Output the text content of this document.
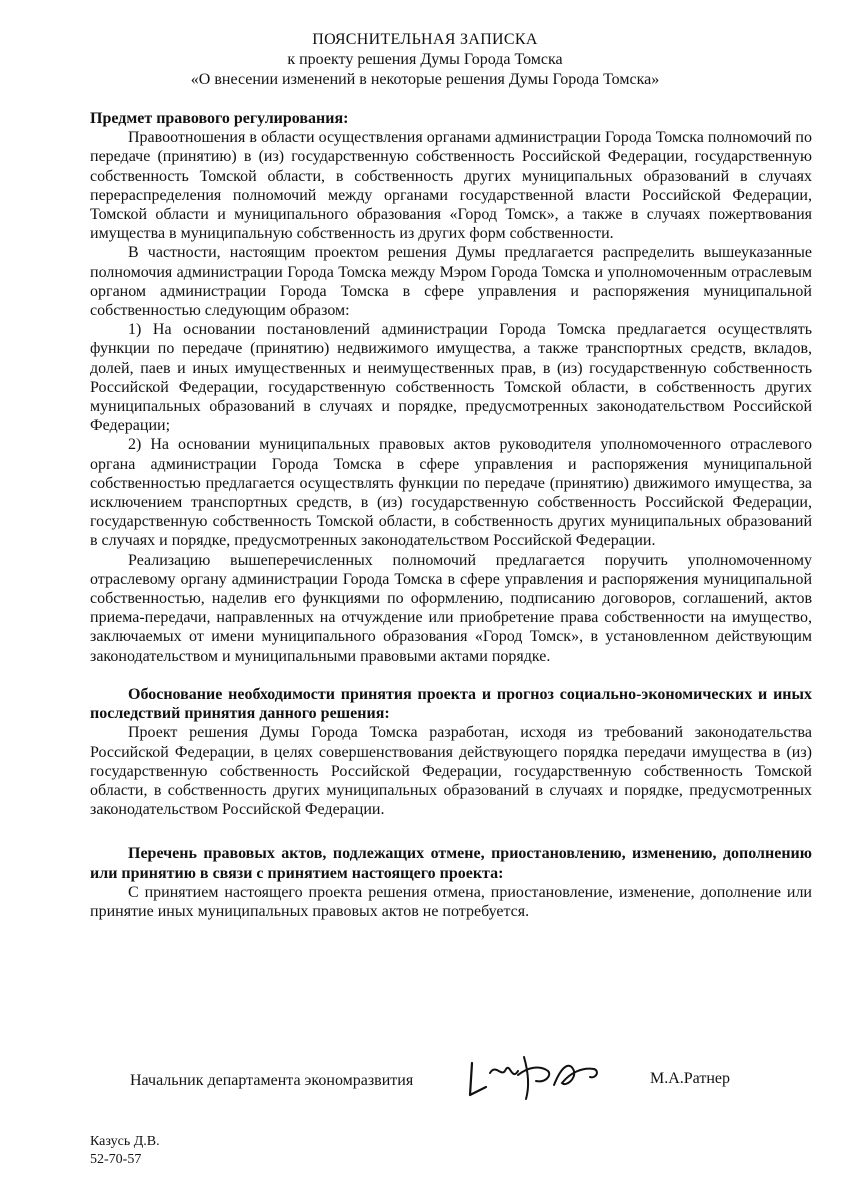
ПОЯСНИТЕЛЬНАЯ ЗАПИСКА
к проекту решения Думы Города Томска
«О внесении изменений в некоторые решения Думы Города Томска»

Предмет правового регулирования:

Правоотношения в области осуществления органами администрации Города Томска полномочий по передаче (принятию) в (из) государственную собственность Российской Федерации, государственную собственность Томской области, в собственность других муниципальных образований в случаях перераспределения полномочий между органами государственной власти Российской Федерации, Томской области и муниципального образования «Город Томск», а также в случаях пожертвования имущества в муниципальную собственность из других форм собственности.

В частности, настоящим проектом решения Думы предлагается распределить вышеуказанные полномочия администрации Города Томска между Мэром Города Томска и уполномоченным отраслевым органом администрации Города Томска в сфере управления и распоряжения муниципальной собственностью следующим образом:

1) На основании постановлений администрации Города Томска предлагается осуществлять функции по передаче (принятию) недвижимого имущества, а также транспортных средств, вкладов, долей, паев и иных имущественных и неимущественных прав, в (из) государственную собственность Российской Федерации, государственную собственность Томской области, в собственность других муниципальных образований в случаях и порядке, предусмотренных законодательством Российской Федерации;

2) На основании муниципальных правовых актов руководителя уполномоченного отраслевого органа администрации Города Томска в сфере управления и распоряжения муниципальной собственностью предлагается осуществлять функции по передаче (принятию) движимого имущества, за исключением транспортных средств, в (из) государственную собственность Российской Федерации, государственную собственность Томской области, в собственность других муниципальных образований в случаях и порядке, предусмотренных законодательством Российской Федерации.

Реализацию вышеперечисленных полномочий предлагается поручить уполномоченному отраслевому органу администрации Города Томска в сфере управления и распоряжения муниципальной собственностью, наделив его функциями по оформлению, подписанию договоров, соглашений, актов приема-передачи, направленных на отчуждение или приобретение права собственности на имущество, заключаемых от имени муниципального образования «Город Томск», в установленном действующим законодательством и муниципальными правовыми актами порядке.

Обоснование необходимости принятия проекта и прогноз социально-экономических и иных последствий принятия данного решения:

Проект решения Думы Города Томска разработан, исходя из требований законодательства Российской Федерации, в целях совершенствования действующего порядка передачи имущества в (из) государственную собственность Российской Федерации, государственную собственность Томской области, в собственность других муниципальных образований в случаях и порядке, предусмотренных законодательством Российской Федерации.

Перечень правовых актов, подлежащих отмене, приостановлению, изменению, дополнению или принятию в связи с принятием настоящего проекта:

С принятием настоящего проекта решения отмена, приостановление, изменение, дополнение или принятие иных муниципальных правовых актов не потребуется.

Начальник департамента экономразвития	М.А.Ратнер
Казусь Д.В.
52-70-57
